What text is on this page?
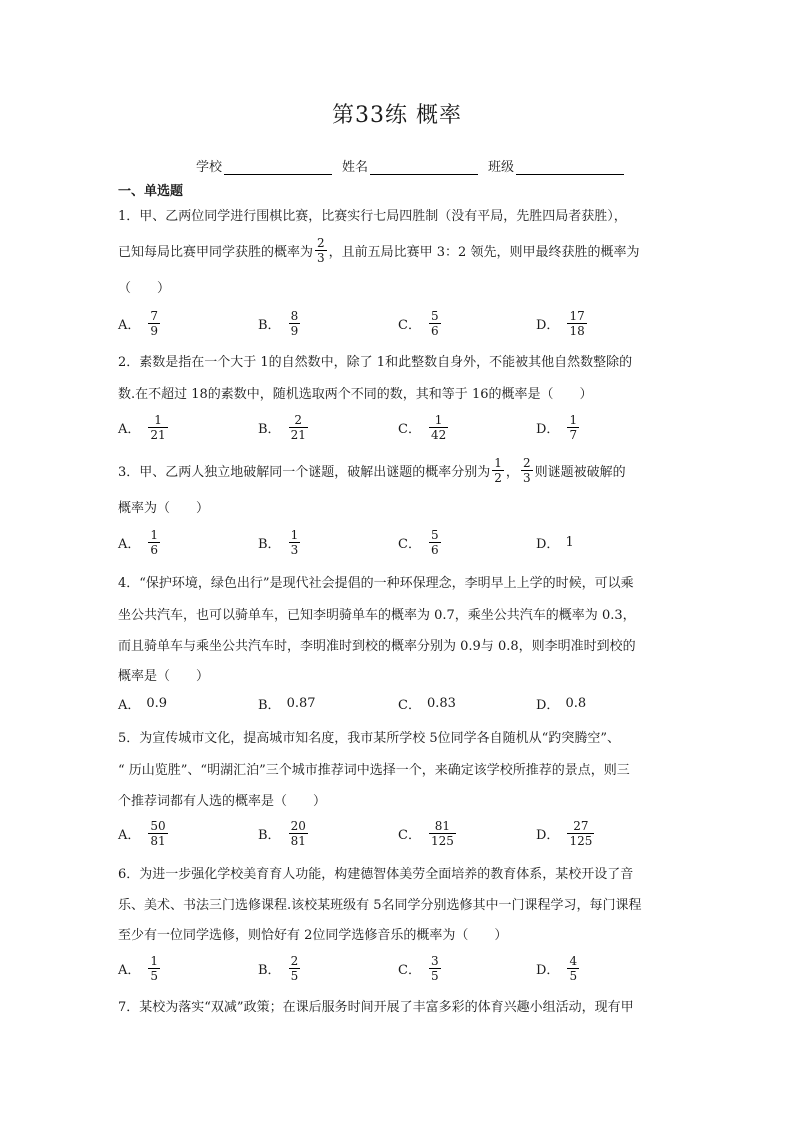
第33练 概率
学校	姓名	班级
一、单选题
1．甲、乙两位同学进行围棋比赛，比赛实行七局四胜制（没有平局，先胜四局者获胜），
已知每局比赛甲同学获胜的概率为 $\frac{2}{3}$ ，且前五局比赛甲 3：2 领先，则甲最终获胜的概率为
（　　）
A． $\frac{7}{9}$	B． $\frac{8}{9}$	C． $\frac{5}{6}$	D． $\frac{17}{18}$
2．素数是指在一个大于 1的自然数中，除了 1和此整数自身外，不能被其他自然数整除的
数.在不超过 18的素数中，随机选取两个不同的数，其和等于 16的概率是（　　）
A． $\frac{1}{21}$	B． $\frac{2}{21}$	C． $\frac{1}{42}$	D． $\frac{1}{7}$
3．甲、乙两人独立地破解同一个谜题，破解出谜题的概率分别为 $\frac{1}{2}$ ， $\frac{2}{3}$ 则谜题被破解的
概率为（　　）
A． $\frac{1}{6}$	B． $\frac{1}{3}$	C． $\frac{5}{6}$	D． 1
4．“保护环境，绿色出行”是现代社会提倡的一种环保理念，李明早上上学的时候，可以乘
坐公共汽车，也可以骑单车，已知李明骑单车的概率为 0.7，乘坐公共汽车的概率为 0.3，
而且骑单车与乘坐公共汽车时，李明准时到校的概率分别为 0.9与 0.8，则李明准时到校的
概率是（　　）
A． 0.9	B． 0.87	C． 0.83	D． 0.8
5．为宣传城市文化，提高城市知名度，我市某所学校 5位同学各自随机从“趵突腾空”、
“ 历山览胜”、“明湖汇泊”三个城市推荐词中选择一个，来确定该学校所推荐的景点，则三
个推荐词都有人选的概率是（　　）
A． $\frac{50}{81}$	B． $\frac{20}{81}$	C． $\frac{81}{125}$	D． $\frac{27}{125}$
6．为进一步强化学校美育育人功能，构建德智体美劳全面培养的教育体系，某校开设了音
乐、美术、书法三门选修课程.该校某班级有 5名同学分别选修其中一门课程学习，每门课程
至少有一位同学选修，则恰好有 2位同学选修音乐的概率为（　　）
A． $\frac{1}{5}$	B． $\frac{2}{5}$	C． $\frac{3}{5}$	D． $\frac{4}{5}$
7．某校为落实“双减”政策；在课后服务时间开展了丰富多彩的体育兴趣小组活动，现有甲
